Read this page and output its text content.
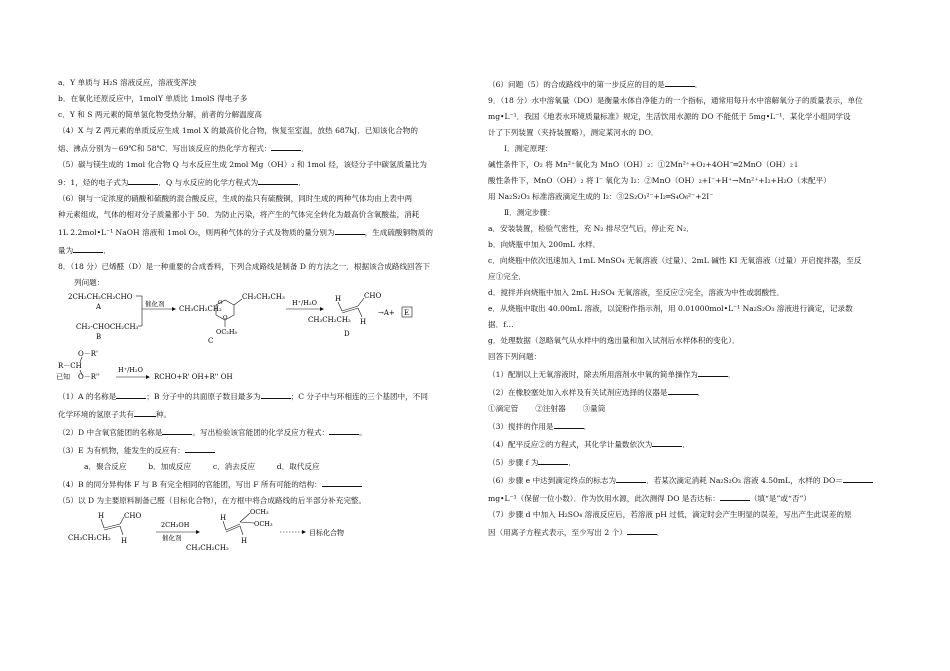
a．Y 单质与 H₂S 溶液反应，溶液变浑浊

b．在氧化还原反应中，1molY 单质比 1molS 得电子多

c．Y 和 S 两元素的简单氢化物受热分解，前者的分解温度高

（4）X 与 Z 两元素的单质反应生成 1mol X 的最高价化合物，恢复至室温，放热 687kJ．已知该化合物的

熔、沸点分别为－69℃和 58℃．写出该反应的热化学方程式：	．

（5）碳与镁生成的 1mol 化合物 Q 与水反应生成 2mol Mg（OH）₂ 和 1mol 烃，该烃分子中碳氢质量比为

9：1，烃的电子式为	．Q 与水反应的化学方程式为	．

（6）铜与一定浓度的硝酸和硫酸的混合酸反应，生成的盐只有硫酸铜，同时生成的两种气体均由上表中两

种元素组成，气体的相对分子质量都小于 50．为防止污染，将产生的气体完全转化为最高价含氧酸盐，消耗

1L 2.2mol•L⁻¹ NaOH 溶液和 1mol O₂，则两种气体的分子式及物质的量分别为	，生成硫酸铜物质的

量为	．

8．（18 分）已烯醛（D）是一种重要的合成香料，下列合成路线是制备 D 的方法之一．根据该合成路线回答下

列问题：

2CH₃CH₂CH₂CHO
A
CH₂-CHOCH₂CH₃
B
催化剂
CH₃CH₂CH₂
O
O
CH₂CH₂CH₃
OC₂H₅
C
H⁺/H₂O	H	CHO
H
CH₃CH₂CH₂
→A+ E
D
O－R'
R－CH
O－R''
H⁺/H₂O
RCHO+R' OH+R'' OH
已知

（1）A 的名称是	；B 分子中的共面原子数目最多为	；C 分子中与环相连的三个基团中，不同

化学环境的氢原子共有	种。

（2）D 中含氧官能团的名称是	。写出检验该官能团的化学反应方程式：	。

（3）E 为有机物，能发生的反应有：

a．聚合反应	b．加成反应	c．消去反应	d．取代反应

（4）B 的同分异构体 F 与 B 有完全相同的官能团，写出 F 所有可能的结构：

（5）以 D 为主要原料制备己醛（目标化合物），在方框中将合成路线的后半部分补充完整。

H	CHO
H
CH₃CH₂CH₂
2CH₃OH
催化剂
OCH₃
OCH₃
H
H
CH₃CH₂CH₂
目标化合物

（6）问题（5）的合成路线中的第一步反应的目的是	．

9．（18 分）水中溶氧量（DO）是衡量水体自净能力的一个指标，通常用每升水中溶解氧分子的质量表示，单位

mg•L⁻¹．我国《地表水环境质量标准》规定，生活饮用水源的 DO 不能低于 5mg•L⁻¹．某化学小组同学设

计了下列装置（夹持装置略），测定某河水的 DO．

Ⅰ．测定原理：

碱性条件下，O₂ 将 Mn²⁺氧化为 MnO（OH）₂：①2Mn²⁺+O₂+4OH⁻═2MnO（OH）₂↓

酸性条件下，MnO（OH）₂ 将 I⁻ 氧化为 I₂：②MnO（OH）₂+I⁻+H⁺→Mn²⁺+I₂+H₂O（未配平）

用 Na₂S₂O₃ 标准溶液滴定生成的 I₂：③2S₂O₃²⁻+I₂═S₄O₆²⁻+2I⁻

Ⅱ．测定步骤：

a．安装装置，检验气密性，充 N₂ 排尽空气后，停止充 N₂．

b．向烧瓶中加入 200mL 水样．

c．向烧瓶中依次迅速加入 1mL MnSO₄ 无氧溶液（过量）、2mL 碱性 KI 无氧溶液（过量）开启搅拌器，至反

应①完全．

d．搅拌并向烧瓶中加入 2mL H₂SO₄ 无氧溶液，至反应②完全，溶液为中性或弱酸性．

e．从烧瓶中取出 40.00mL 溶液，以淀粉作指示剂，用 0.01000mol•L⁻¹ Na₂S₂O₃ 溶液进行滴定，记录数

据．f…

g．处理数据（忽略氧气从水样中的逸出量和加入试剂后水样体积的变化）．

回答下列问题：

（1）配制以上无氧溶液时，除去所用溶剂水中氧的简单操作为	．

（2）在橡胶塞处加入水样及有关试剂应选择的仪器是	．

①滴定管 ②注射器 ③量筒

（3）搅拌的作用是	．

（4）配平反应②的方程式，其化学计量数依次为	．

（5）步骤 f 为	．

（6）步骤 e 中达到滴定终点的标志为	．若某次滴定消耗 Na₂S₂O₃ 溶液 4.50mL，水样的 DO＝

mg•L⁻¹（保留一位小数）．作为饮用水源，此次测得 DO 是否达标：	（填“是”或“否”）

（7）步骤 d 中加入 H₂SO₄ 溶液反应后，若溶液 pH 过低，滴定时会产生明显的误差，写出产生此误差的原

因（用离子方程式表示，至少写出 2 个）	．
